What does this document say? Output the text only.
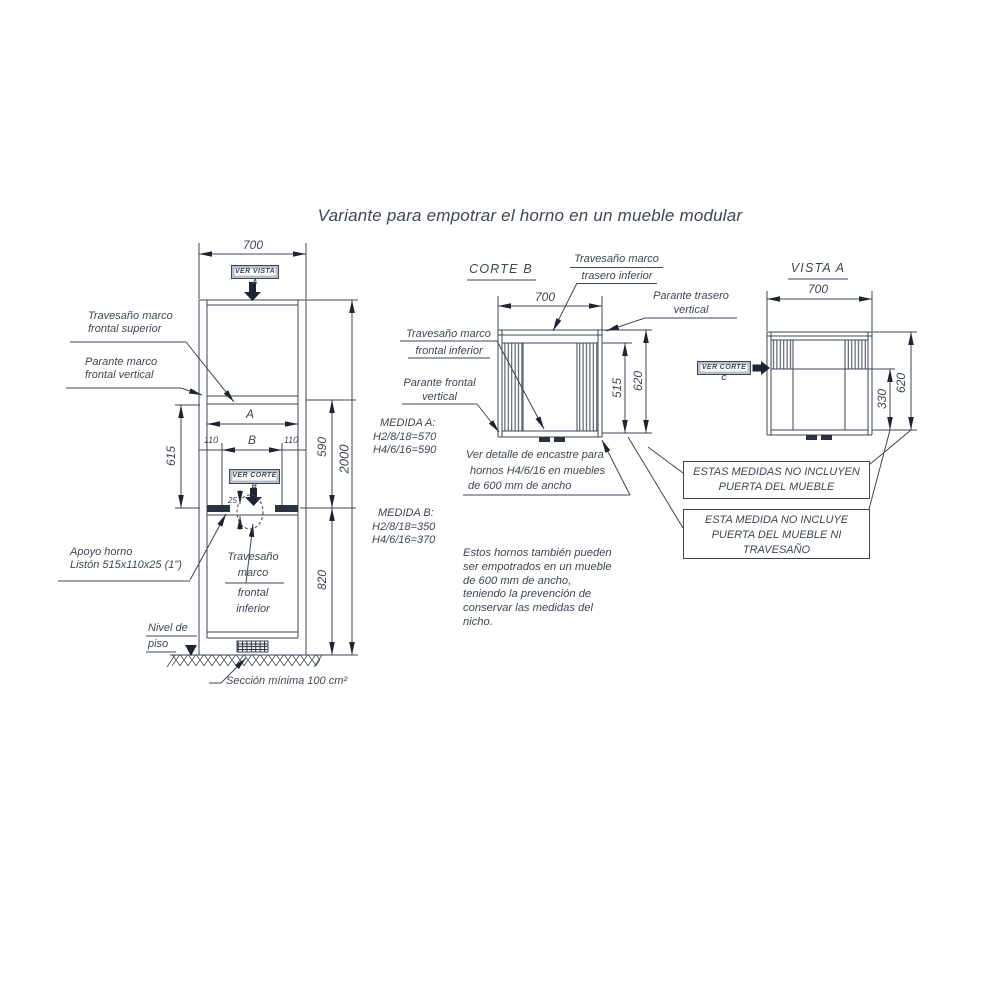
Variante para empotrar el horno en un mueble modular
700
VER VISTA A
A
B
110	110
VER CORTE B
25
615	590
820
2000
Travesaño marco
frontal superior
Parante marco
frontal vertical
Apoyo horno
Listón 515x110x25 (1")
Travesaño
marco
frontal
inferior
Nivel de
piso
Sección mínima 100 cm²
MEDIDA A:
H2/8/18=570
H4/6/16=590
MEDIDA B:
H2/8/18=350
H4/6/16=370
Ver detalle de encastre para
hornos H4/6/16 en muebles
de 600 mm de ancho
Estos hornos también pueden
ser empotrados en un mueble
de 600 mm de ancho,
teniendo la prevención de
conservar las medidas del
nicho.
CORTE B
700
515 620
Travesaño marco
trasero inferior
Parante trasero
vertical
Travesaño marco
frontal inferior
Parante frontal
vertical
VISTA A
700
330
620
VER CORTE C
ESTAS MEDIDAS NO INCLUYEN
PUERTA DEL MUEBLE
ESTA MEDIDA NO INCLUYE
PUERTA DEL MUEBLE NI
TRAVESAÑO
